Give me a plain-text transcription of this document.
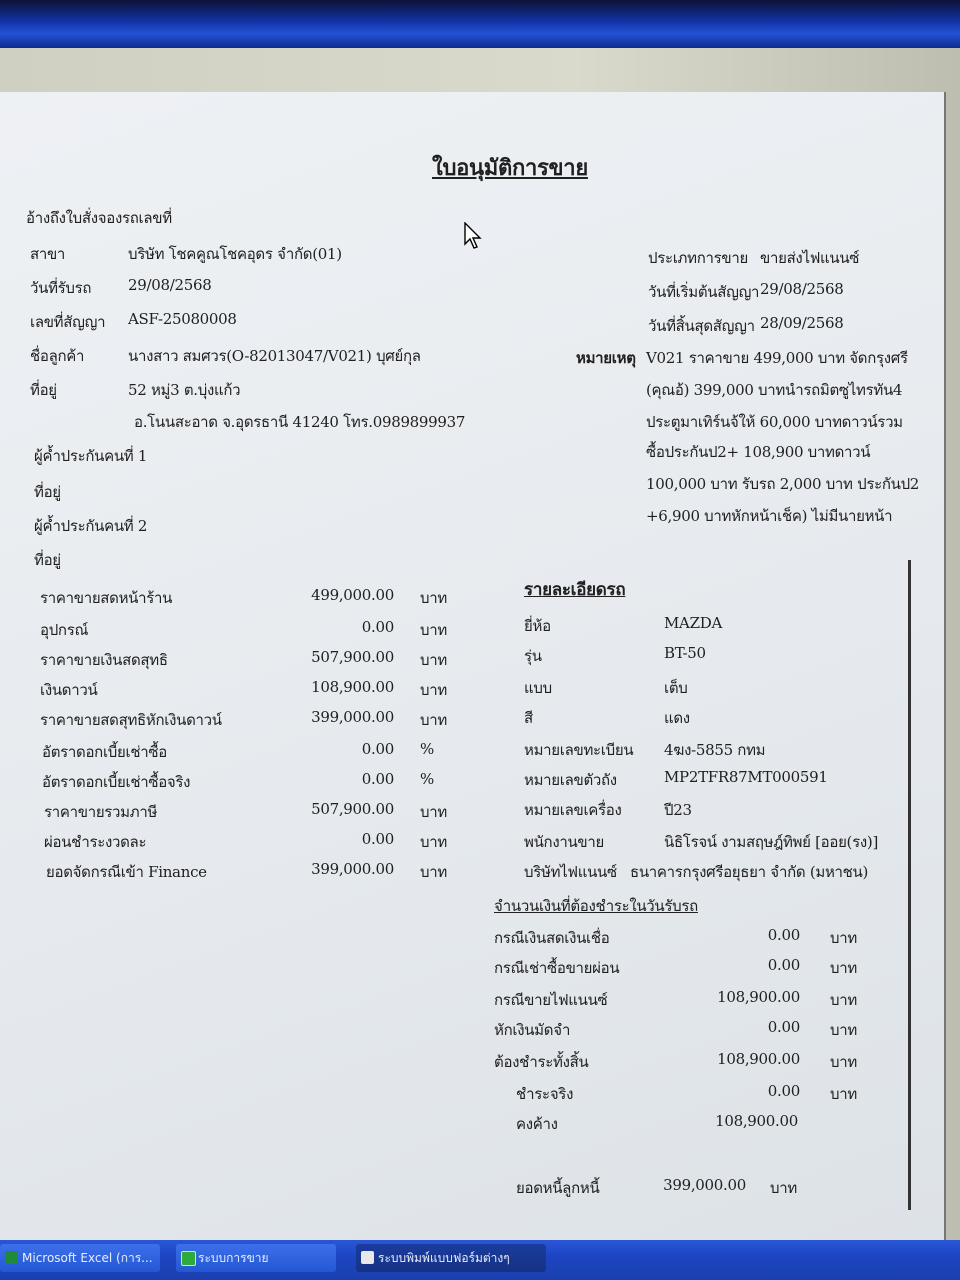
ใบอนุมัติการขาย
อ้างถึงใบสั่งจองรถเลขที่
สาขา	บริษัท โชคคูณโชคอุดร จำกัด(01)
วันที่รับรถ 29/08/2568
เลขที่สัญญา ASF-25080008
ชื่อลูกค้า	นางสาว สมศวร(O-82013047/V021) บุศย์กุล
ที่อยู่	52 หมู่3 ต.บุ่งแก้ว
อ.โนนสะอาด จ.อุดรธานี 41240 โทร.0989899937
ผู้ค้ำประกันคนที่ 1
ที่อยู่
ผู้ค้ำประกันคนที่ 2
ที่อยู่
ประเภทการขาย ขายส่งไฟแนนซ์
วันที่เริ่มต้นสัญญา 29/08/2568
วันที่สิ้นสุดสัญญา 28/09/2568
หมายเหตุ V021 ราคาขาย 499,000 บาท จัดกรุงศรี
(คุณอ้) 399,000 บาทนำรถมิตซูไทรทัน4
ประตูมาเทิร์นจ้ให้ 60,000 บาทดาวน์รวม
ซื้อประกันป2+ 108,900 บาทดาวน์
100,000 บาท รับรถ 2,000 บาท ประกันป2
+6,900 บาทหักหน้าเช็ค) ไม่มีนายหน้า
ราคาขายสดหน้าร้าน	499,000.00 บาท
อุปกรณ์	0.00 บาท
ราคาขายเงินสดสุทธิ	507,900.00 บาท
เงินดาวน์	108,900.00 บาท
ราคาขายสดสุทธิหักเงินดาวน์	399,000.00 บาท
อัตราดอกเบี้ยเช่าซื้อ	0.00 %
อัตราดอกเบี้ยเช่าซื้อจริง	0.00 %
ราคาขายรวมภาษี	507,900.00 บาท
ผ่อนชำระงวดละ	0.00 บาท
ยอดจัดกรณีเข้า Finance	399,000.00 บาท
รายละเอียดรถ
ยี่ห้อ	MAZDA
รุ่น	BT-50
แบบ	เต็บ
สี	แดง
หมายเลขทะเบียน 4ฆง-5855 กทม
หมายเลขตัวถัง	MP2TFR87MT000591
หมายเลขเครื่อง	ปี23
พนักงานขาย	นิธิโรจน์ งามสฤษฎ์ทิพย์ [ออย(รง)]
บริษัทไฟแนนซ์ ธนาคารกรุงศรีอยุธยา จำกัด (มหาชน)
จำนวนเงินที่ต้องชำระในวันรับรถ
กรณีเงินสดเงินเชื่อ	0.00 บาท
กรณีเช่าซื้อขายผ่อน	0.00 บาท
กรณีขายไฟแนนซ์	108,900.00 บาท
หักเงินมัดจำ	0.00 บาท
ต้องชำระทั้งสิ้น	108,900.00 บาท
ชำระจริง	0.00 บาท
คงค้าง	108,900.00
ยอดหนี้ลูกหนี้	399,000.00 บาท
Microsoft Excel (การ...	ระบบการขาย	ระบบพิมพ์แบบฟอร์มต่างๆ
